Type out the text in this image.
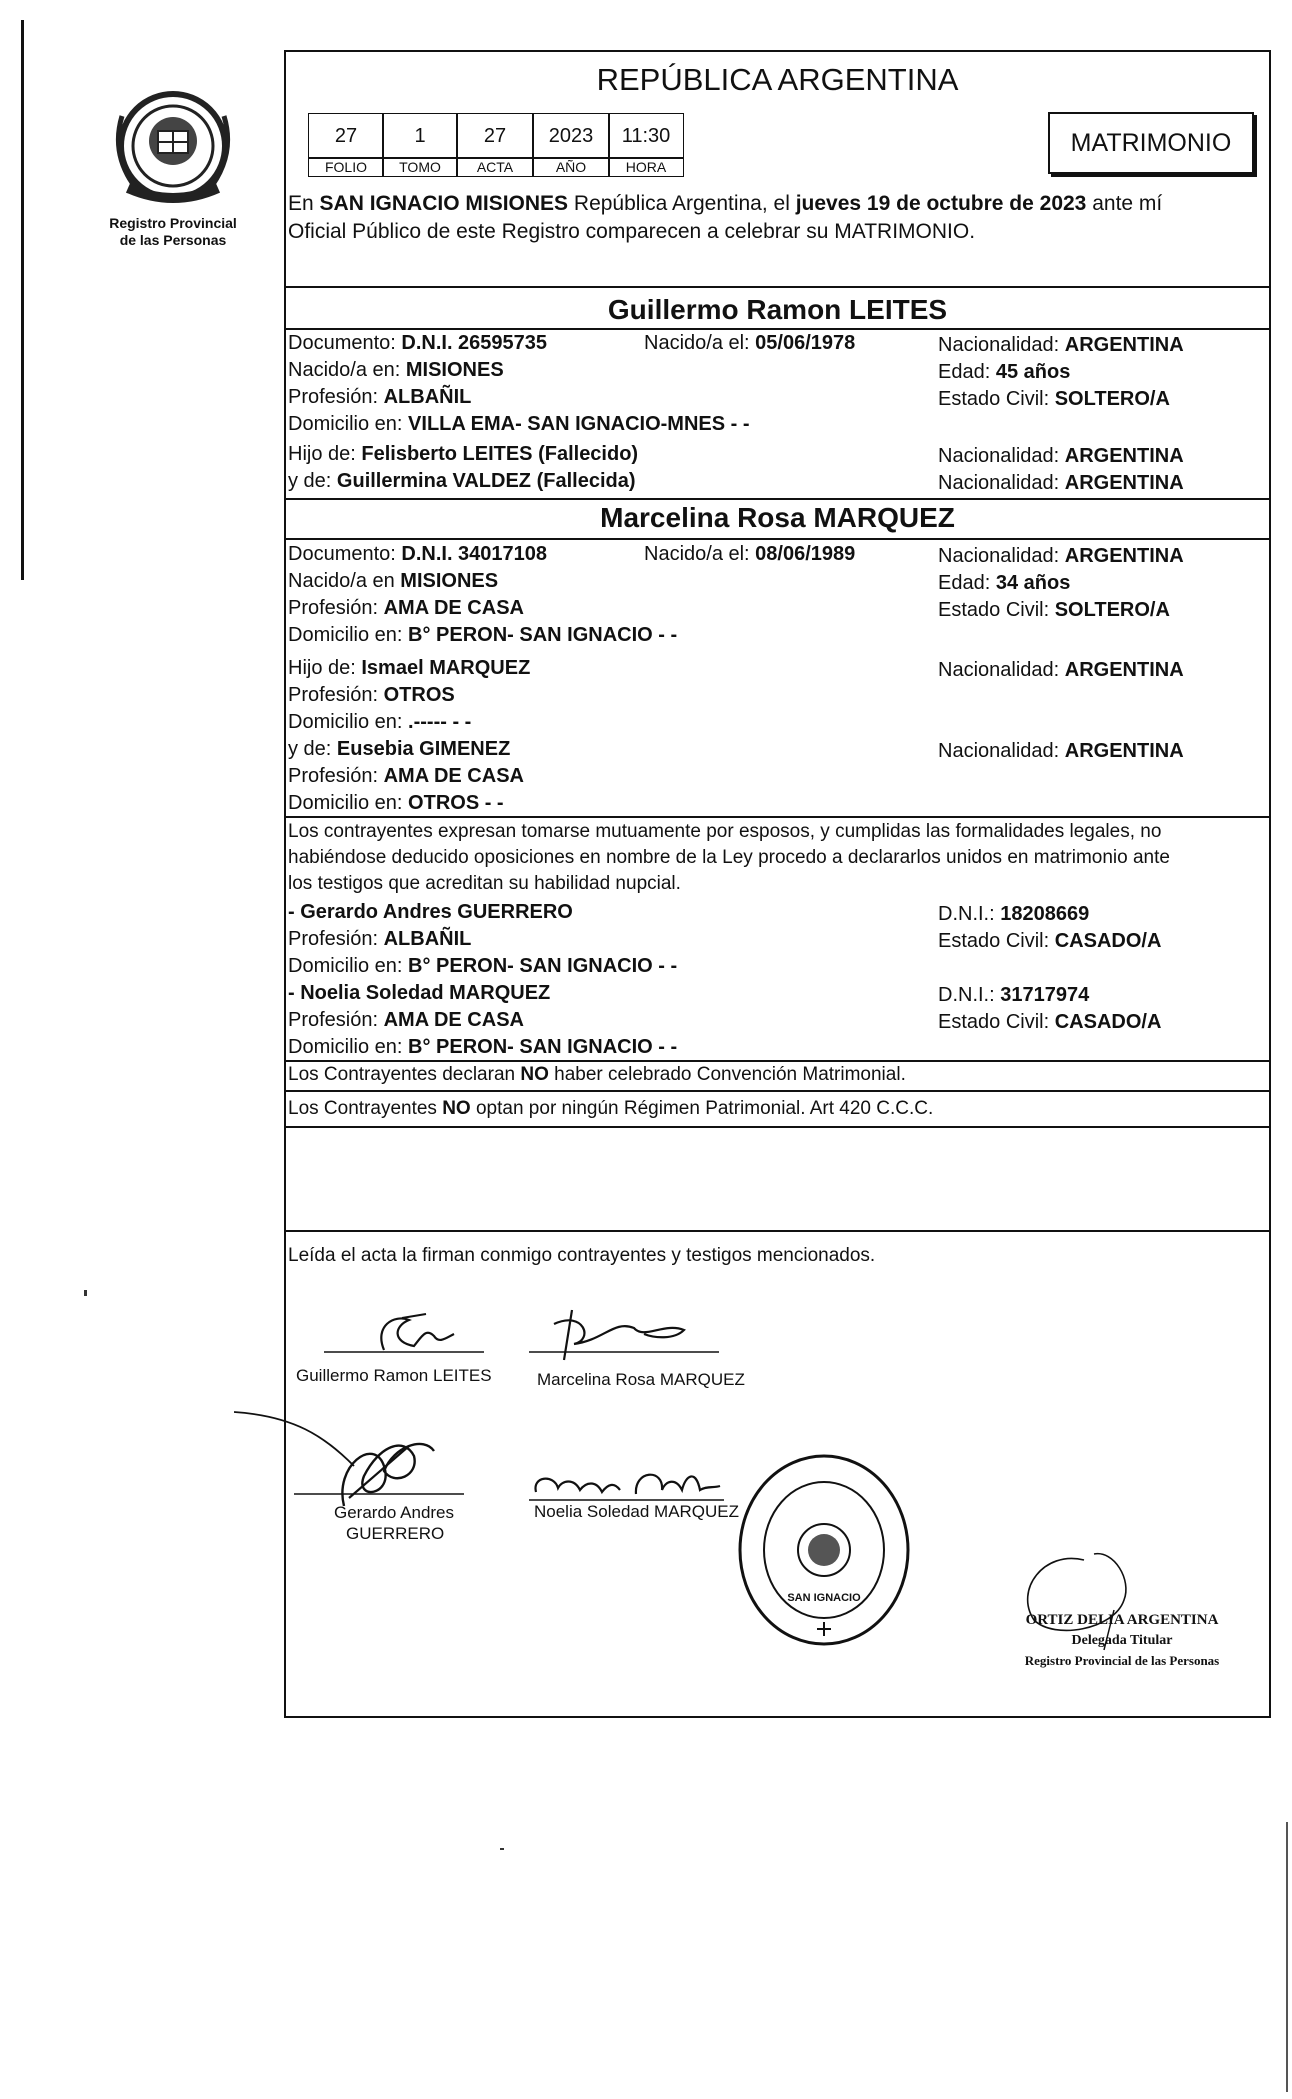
Registro Provincial
de las Personas
REPÚBLICA ARGENTINA
27	1	27	2023	11:30
FOLIO	TOMO	ACTA	AÑO	HORA
MATRIMONIO
En SAN IGNACIO MISIONES República Argentina, el jueves 19 de octubre de 2023 ante mí
Oficial Público de este Registro comparecen a celebrar su MATRIMONIO.
Guillermo Ramon LEITES
Documento: D.N.I. 26595735	Nacido/a el: 05/06/1978	Nacionalidad: ARGENTINA
Nacido/a en: MISIONES	Edad: 45 años
Profesión: ALBAÑIL	Estado Civil: SOLTERO/A
Domicilio en: VILLA EMA- SAN IGNACIO-MNES - -
Hijo de: Felisberto LEITES (Fallecido)	Nacionalidad: ARGENTINA
y de: Guillermina VALDEZ (Fallecida)	Nacionalidad: ARGENTINA
Marcelina Rosa MARQUEZ
Documento: D.N.I. 34017108	Nacido/a el: 08/06/1989	Nacionalidad: ARGENTINA
Nacido/a en MISIONES	Edad: 34 años
Profesión: AMA DE CASA	Estado Civil: SOLTERO/A
Domicilio en: B° PERON- SAN IGNACIO - -
Hijo de: Ismael MARQUEZ	Nacionalidad: ARGENTINA
Profesión: OTROS
Domicilio en: .----- - -
y de: Eusebia GIMENEZ	Nacionalidad: ARGENTINA
Profesión: AMA DE CASA
Domicilio en: OTROS - -
Los contrayentes expresan tomarse mutuamente por esposos, y cumplidas las formalidades legales, no
habiéndose deducido oposiciones en nombre de la Ley procedo a declararlos unidos en matrimonio ante
los testigos que acreditan su habilidad nupcial.
- Gerardo Andres GUERRERO	D.N.I.: 18208669
Profesión: ALBAÑIL	Estado Civil: CASADO/A
Domicilio en: B° PERON- SAN IGNACIO - -
- Noelia Soledad MARQUEZ	D.N.I.: 31717974
Profesión: AMA DE CASA	Estado Civil: CASADO/A
Domicilio en: B° PERON- SAN IGNACIO - -
Los Contrayentes declaran NO haber celebrado Convención Matrimonial.
Los Contrayentes NO optan por ningún Régimen Patrimonial. Art 420 C.C.C.
Leída el acta la firman conmigo contrayentes y testigos mencionados.
Guillermo Ramon LEITES	Marcelina Rosa MARQUEZ
Gerardo Andres
GUERRERO
Noelia Soledad MARQUEZ
SAN IGNACIO
ORTIZ DELIA ARGENTINA
Delegada Titular
Registro Provincial de las Personas
